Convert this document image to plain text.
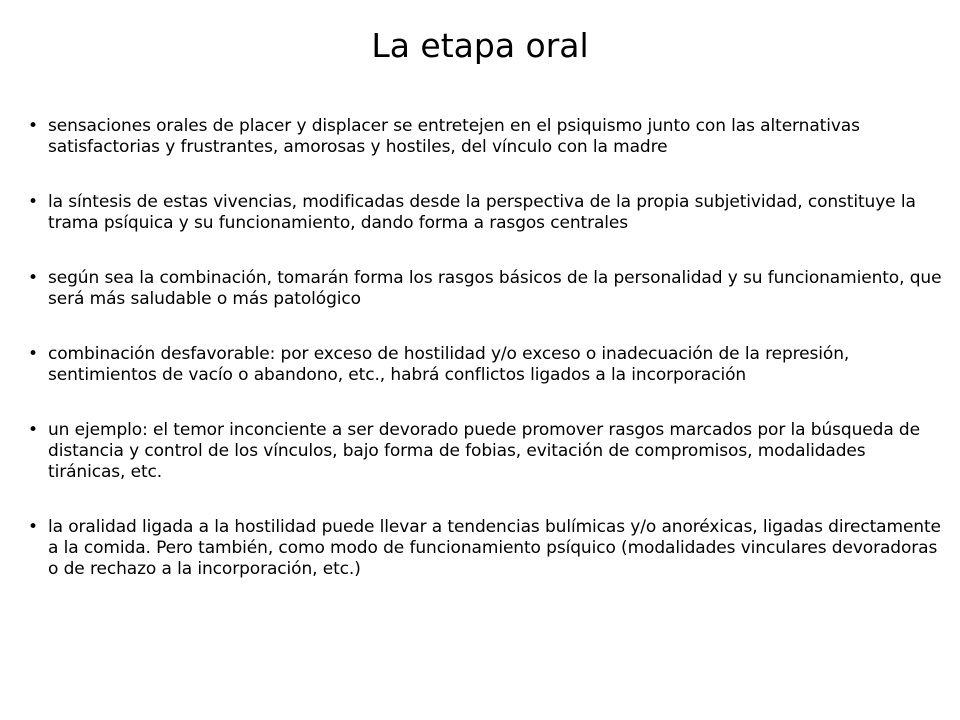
La etapa oral
• sensaciones orales de placer y displacer se entretejen en el psiquismo junto con las alternativas satisfactorias y frustrantes, amorosas y hostiles, del vínculo con la madre
• la síntesis de estas vivencias, modificadas desde la perspectiva de la propia subjetividad, constituye la trama psíquica y su funcionamiento, dando forma a rasgos centrales
• según sea la combinación, tomarán forma los rasgos básicos de la personalidad y su funcionamiento, que será más saludable o más patológico
• combinación desfavorable: por exceso de hostilidad y/o exceso o inadecuación de la represión, sentimientos de vacío o abandono, etc., habrá conflictos ligados a la incorporación
• un ejemplo: el temor inconciente a ser devorado puede promover rasgos marcados por la búsqueda de distancia y control de los vínculos, bajo forma de fobias, evitación de compromisos, modalidades tiránicas, etc.
• la oralidad ligada a la hostilidad puede llevar a tendencias bulímicas y/o anoréxicas, ligadas directamente a la comida. Pero también, como modo de funcionamiento psíquico (modalidades vinculares devoradoras o de rechazo a la incorporación, etc.)
